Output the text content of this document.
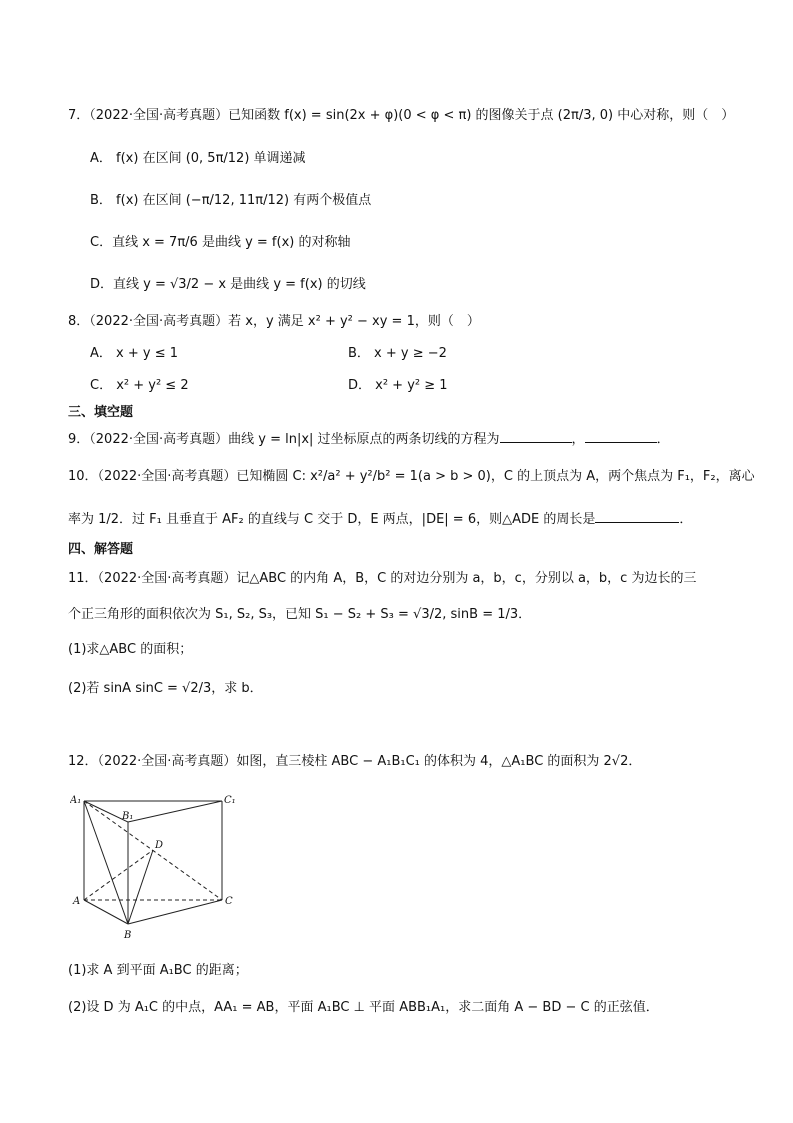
7．（2022·全国·高考真题）已知函数 f(x) = sin(2x + φ)(0 < φ < π) 的图像关于点 (2π/3, 0) 中心对称，则（　）
A． f(x) 在区间 (0, 5π/12) 单调递减
B． f(x) 在区间 (−π/12, 11π/12) 有两个极值点
C．直线 x = 7π/6 是曲线 y = f(x) 的对称轴
D．直线 y = √3/2 − x 是曲线 y = f(x) 的切线
8．（2022·全国·高考真题）若 x，y 满足 x² + y² − xy = 1，则（　）
A． x + y ≤ 1	B． x + y ≥ −2
C． x² + y² ≤ 2	D． x² + y² ≥ 1
三、填空题
9．（2022·全国·高考真题）曲线 y = ln|x| 过坐标原点的两条切线的方程为	，	．
10．（2022·全国·高考真题）已知椭圆 C: x²/a² + y²/b² = 1(a > b > 0)，C 的上顶点为 A，两个焦点为 F₁，F₂，离心
率为 1/2．过 F₁ 且垂直于 AF₂ 的直线与 C 交于 D，E 两点，|DE| = 6，则△ADE 的周长是	．
四、解答题
11．（2022·全国·高考真题）记△ABC 的内角 A，B，C 的对边分别为 a，b，c，分别以 a，b，c 为边长的三
个正三角形的面积依次为 S₁, S₂, S₃，已知 S₁ − S₂ + S₃ = √3/2, sinB = 1/3．
(1)求△ABC 的面积；
(2)若 sinA sinC = √2/3，求 b．
12．（2022·全国·高考真题）如图，直三棱柱 ABC − A₁B₁C₁ 的体积为 4，△A₁BC 的面积为 2√2．
A₁	C₁
B₁
D
A	C
B
(1)求 A 到平面 A₁BC 的距离；
(2)设 D 为 A₁C 的中点，AA₁ = AB，平面 A₁BC ⊥ 平面 ABB₁A₁，求二面角 A − BD − C 的正弦值．
